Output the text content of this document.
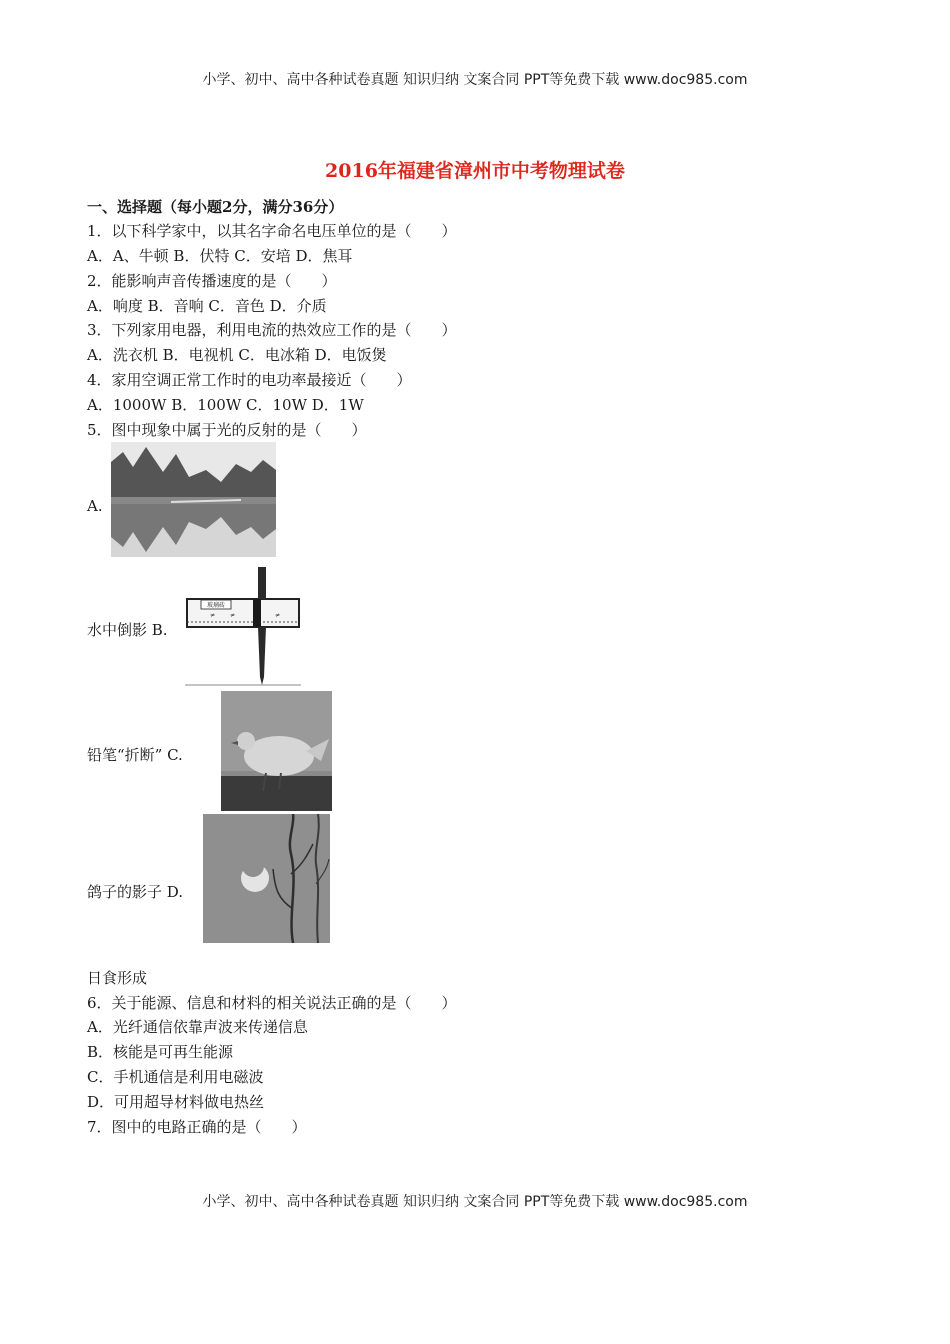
小学、初中、高中各种试卷真题 知识归纳 文案合同 PPT等免费下载 www.doc985.com
2016年福建省漳州市中考物理试卷
一、选择题（每小题2分，满分36分）
1．以下科学家中，以其名字命名电压单位的是（　　）
A．A、牛顿 B．伏特 C．安培 D．焦耳
2．能影响声音传播速度的是（　　）
A．响度 B．音响 C．音色 D．介质
3．下列家用电器，利用电流的热效应工作的是（　　）
A．洗衣机 B．电视机 C．电冰箱 D．电饭煲
4．家用空调正常工作时的电功率最接近（　　）
A．1000W B．100W C．10W D．1W
5．图中现象中属于光的反射的是（　　）
A.
水中倒影 B.
玻璃砖
≠ ≠	≠
铅笔“折断” C.
鸽子的影子 D.
日食形成
6．关于能源、信息和材料的相关说法正确的是（　　）
A．光纤通信依靠声波来传递信息
B．核能是可再生能源
C．手机通信是利用电磁波
D．可用超导材料做电热丝
7．图中的电路正确的是（　　）
小学、初中、高中各种试卷真题 知识归纳 文案合同 PPT等免费下载 www.doc985.com
